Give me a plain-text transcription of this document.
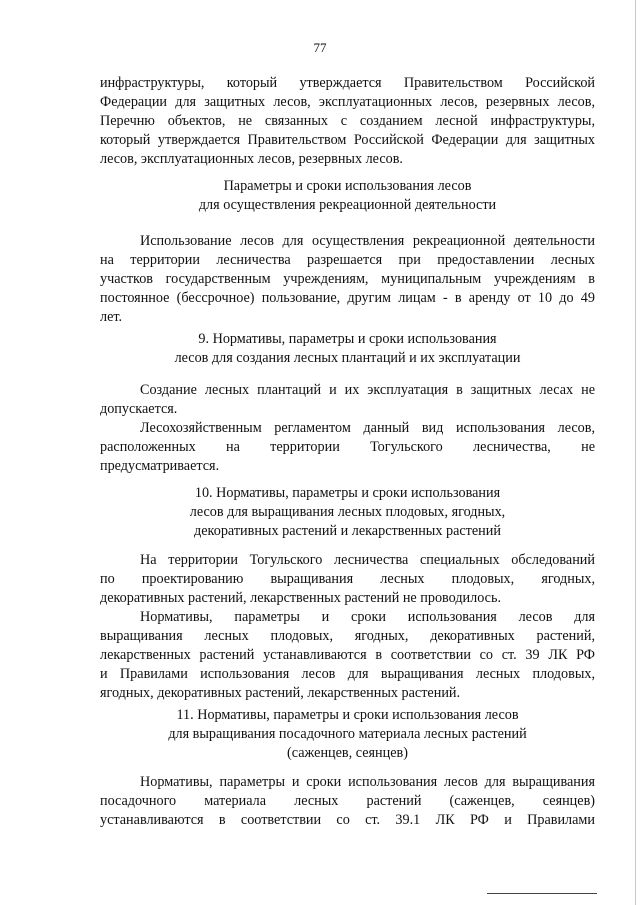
77

инфраструктуры, который утверждается Правительством Российской

Федерации для защитных лесов, эксплуатационных лесов, резервных лесов,

Перечню объектов, не связанных с созданием лесной инфраструктуры,

который утверждается Правительством Российской Федерации для защитных

лесов, эксплуатационных лесов, резервных лесов.

Параметры и сроки использования лесов

для осуществления рекреационной деятельности

Использование лесов для осуществления рекреационной деятельности

на территории лесничества разрешается при предоставлении лесных

участков государственным учреждениям, муниципальным учреждениям в

постоянное (бессрочное) пользование, другим лицам - в аренду от 10 до 49

лет.

9. Нормативы, параметры и сроки использования

лесов для создания лесных плантаций и их эксплуатации

Создание лесных плантаций и их эксплуатация в защитных лесах не

допускается.

Лесохозяйственным регламентом данный вид использования лесов,

расположенных на территории Тогульского лесничества, не

предусматривается.

10. Нормативы, параметры и сроки использования

лесов для выращивания лесных плодовых, ягодных,

декоративных растений и лекарственных растений

На территории Тогульского лесничества специальных обследований

по проектированию выращивания лесных плодовых, ягодных,

декоративных растений, лекарственных растений не проводилось.

Нормативы, параметры и сроки использования лесов для

выращивания лесных плодовых, ягодных, декоративных растений,

лекарственных растений устанавливаются в соответствии со ст. 39 ЛК РФ

и Правилами использования лесов для выращивания лесных плодовых,

ягодных, декоративных растений, лекарственных растений.

11. Нормативы, параметры и сроки использования лесов

для выращивания посадочного материала лесных растений

(саженцев, сеянцев)

Нормативы, параметры и сроки использования лесов для выращивания

посадочного материала лесных растений (саженцев, сеянцев)

устанавливаются в соответствии со ст. 39.1 ЛК РФ и Правилами
